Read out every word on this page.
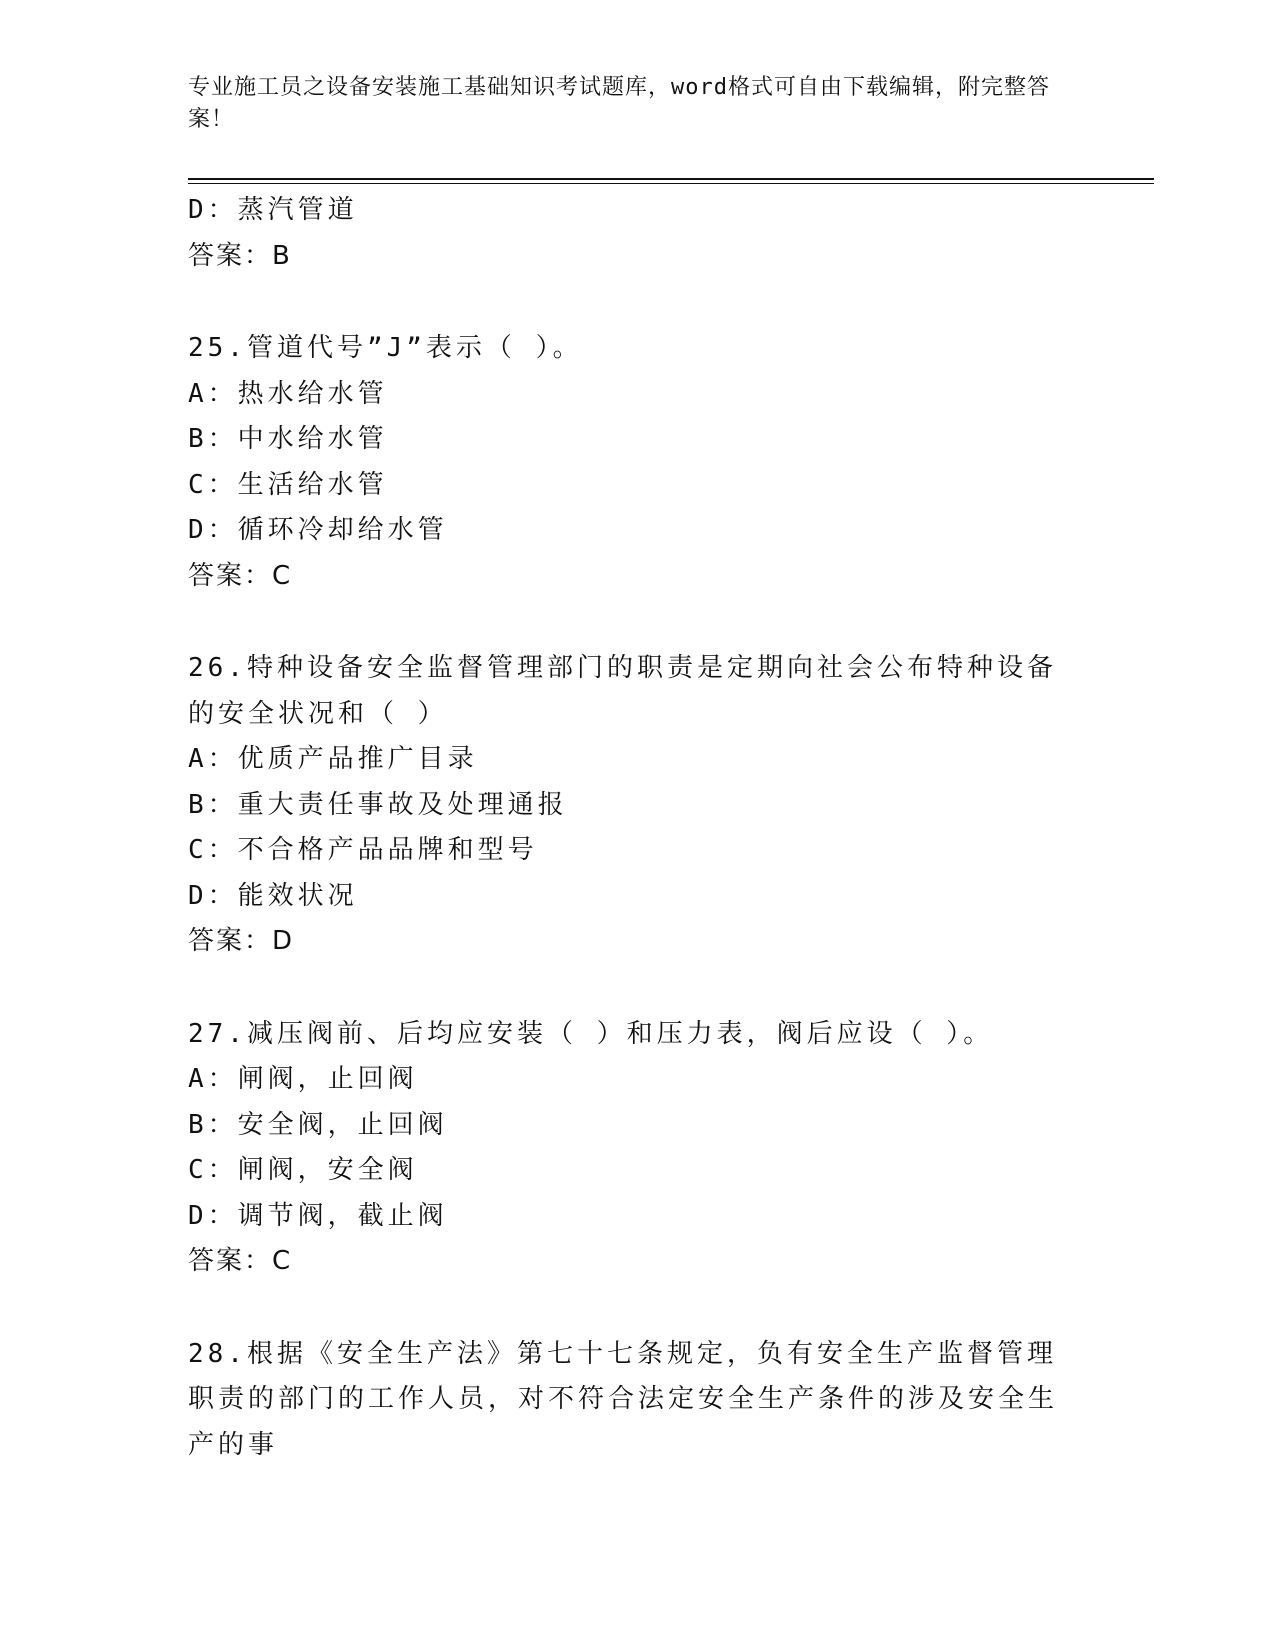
专业施工员之设备安装施工基础知识考试题库，word格式可自由下载编辑，附完整答案！
D：蒸汽管道
答案：B
25.管道代号”J”表示（ ）。
A：热水给水管
B：中水给水管
C：生活给水管
D：循环冷却给水管
答案：C
26.特种设备安全监督管理部门的职责是定期向社会公布特种设备的安全状况和（ ）
A：优质产品推广目录
B：重大责任事故及处理通报
C：不合格产品品牌和型号
D：能效状况
答案：D
27.减压阀前、后均应安装（ ）和压力表，阀后应设（ ）。
A：闸阀，止回阀
B：安全阀，止回阀
C：闸阀，安全阀
D：调节阀，截止阀
答案：C
28.根据《安全生产法》第七十七条规定，负有安全生产监督管理职责的部门的工作人员，对不符合法定安全生产条件的涉及安全生产的事
